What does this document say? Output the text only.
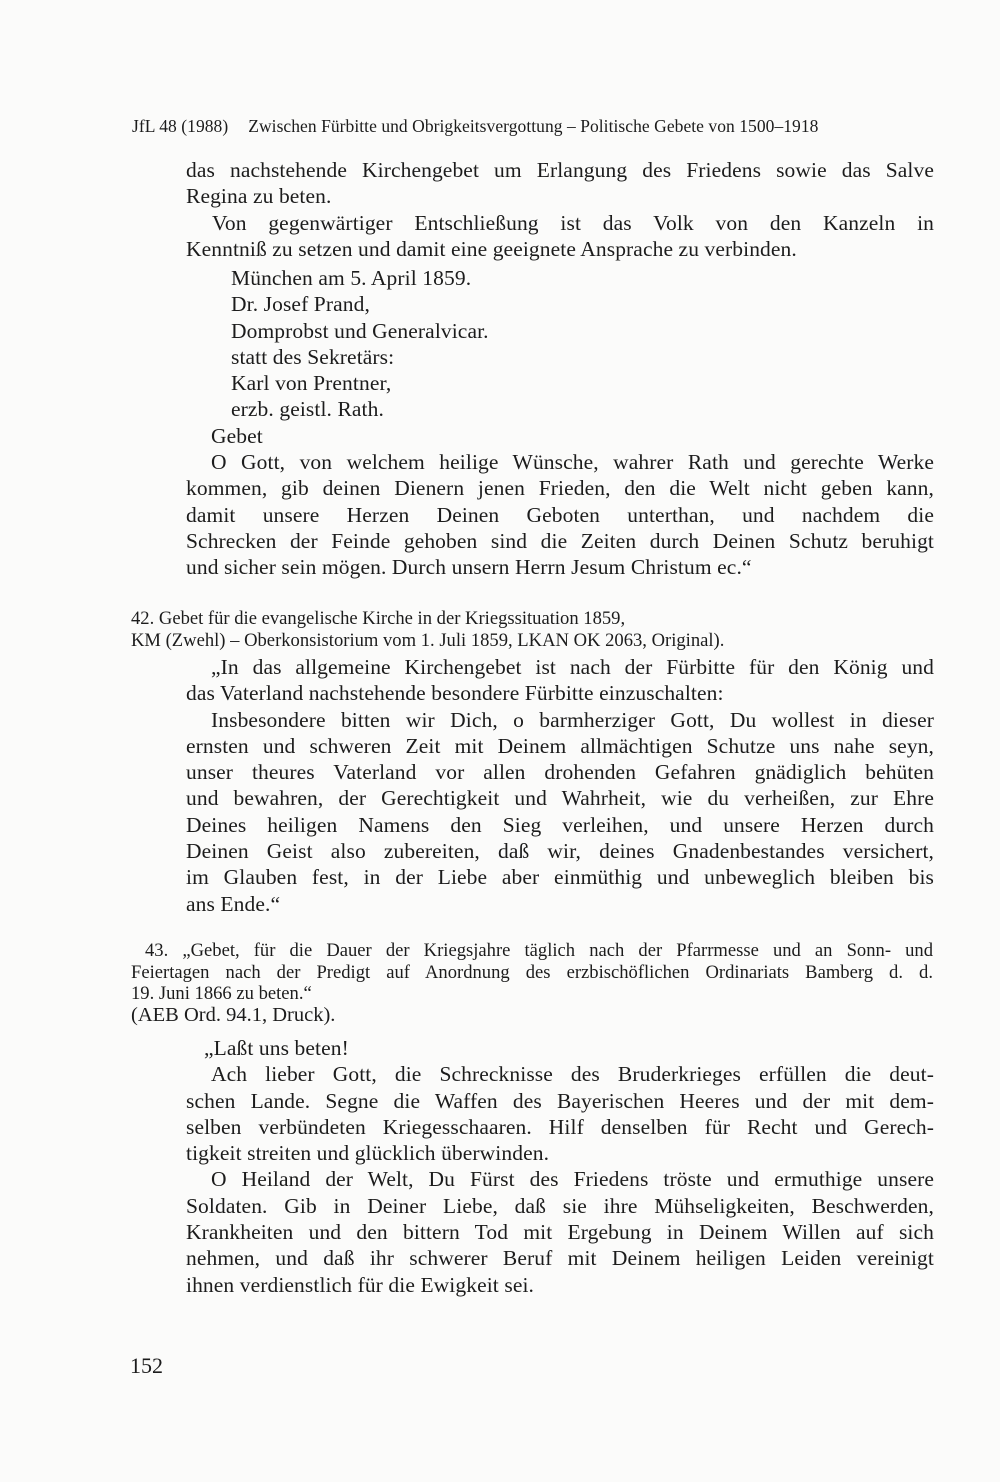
JfL 48 (1988) Zwischen Fürbitte und Obrigkeitsvergottung – Politische Gebete von 1500–1918
das nachstehende Kirchengebet um Erlangung des Friedens sowie das Salve
Regina zu beten.
Von gegenwärtiger Entschließung ist das Volk von den Kanzeln in
Kenntniß zu setzen und damit eine geeignete Ansprache zu verbinden.
München am 5. April 1859.
Dr. Josef Prand,
Domprobst und Generalvicar.
statt des Sekretärs:
Karl von Prentner,
erzb. geistl. Rath.
Gebet
O Gott, von welchem heilige Wünsche, wahrer Rath und gerechte Werke
kommen, gib deinen Dienern jenen Frieden, den die Welt nicht geben kann,
damit unsere Herzen Deinen Geboten unterthan, und nachdem die
Schrecken der Feinde gehoben sind die Zeiten durch Deinen Schutz beruhigt
und sicher sein mögen. Durch unsern Herrn Jesum Christum ec.“
42. Gebet für die evangelische Kirche in der Kriegssituation 1859,
KM (Zwehl) – Oberkonsistorium vom 1. Juli 1859, LKAN OK 2063, Original).
„In das allgemeine Kirchengebet ist nach der Fürbitte für den König und
das Vaterland nachstehende besondere Fürbitte einzuschalten:
Insbesondere bitten wir Dich, o barmherziger Gott, Du wollest in dieser
ernsten und schweren Zeit mit Deinem allmächtigen Schutze uns nahe seyn,
unser theures Vaterland vor allen drohenden Gefahren gnädiglich behüten
und bewahren, der Gerechtigkeit und Wahrheit, wie du verheißen, zur Ehre
Deines heiligen Namens den Sieg verleihen, und unsere Herzen durch
Deinen Geist also zubereiten, daß wir, deines Gnadenbestandes versichert,
im Glauben fest, in der Liebe aber einmüthig und unbeweglich bleiben bis
ans Ende.“
43. „Gebet, für die Dauer der Kriegsjahre täglich nach der Pfarrmesse und an Sonn- und
Feiertagen nach der Predigt auf Anordnung des erzbischöflichen Ordinariats Bamberg d. d.
19. Juni 1866 zu beten.“
(AEB Ord. 94.1, Druck).
„Laßt uns beten!
Ach lieber Gott, die Schrecknisse des Bruderkrieges erfüllen die deut-
schen Lande. Segne die Waffen des Bayerischen Heeres und der mit dem-
selben verbündeten Kriegesschaaren. Hilf denselben für Recht und Gerech-
tigkeit streiten und glücklich überwinden.
O Heiland der Welt, Du Fürst des Friedens tröste und ermuthige unsere
Soldaten. Gib in Deiner Liebe, daß sie ihre Mühseligkeiten, Beschwerden,
Krankheiten und den bittern Tod mit Ergebung in Deinem Willen auf sich
nehmen, und daß ihr schwerer Beruf mit Deinem heiligen Leiden vereinigt
ihnen verdienstlich für die Ewigkeit sei.
152
